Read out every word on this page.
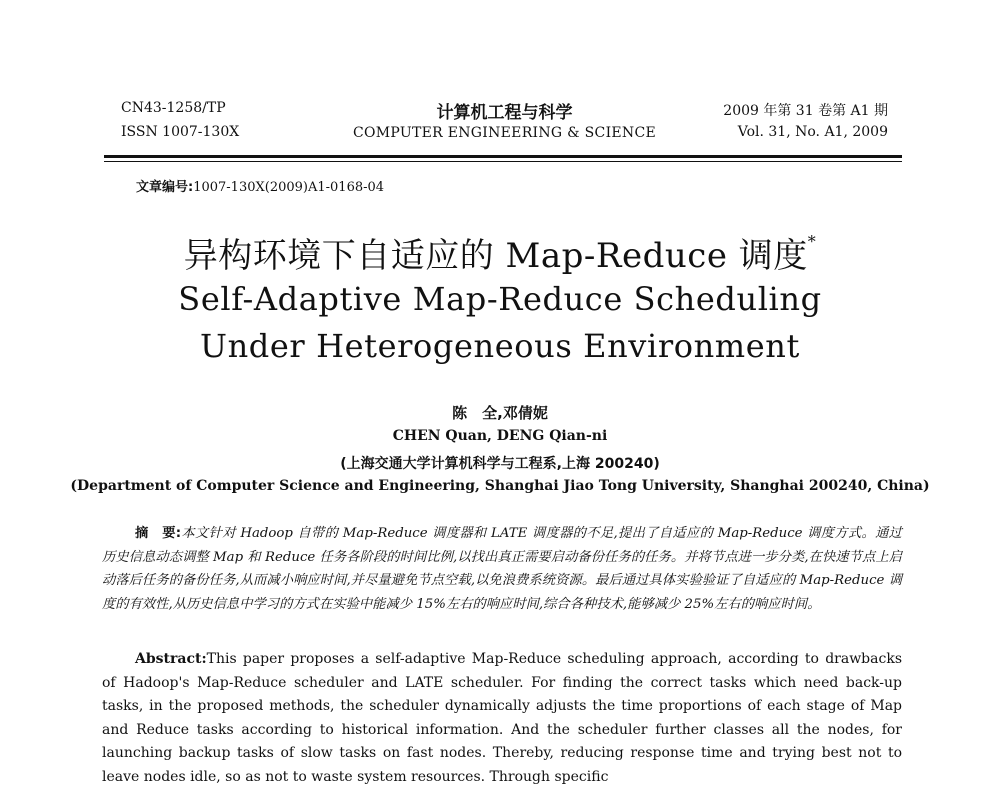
CN43-1258/TP
ISSN 1007-130X
计算机工程与科学
COMPUTER ENGINEERING & SCIENCE
2009 年第 31 卷第 A1 期
Vol. 31, No. A1, 2009
文章编号:1007-130X(2009)A1-0168-04
异构环境下自适应的 Map-Reduce 调度*
Self-Adaptive Map-Reduce Scheduling
Under Heterogeneous Environment
陈　全,邓倩妮
CHEN Quan, DENG Qian-ni
(上海交通大学计算机科学与工程系,上海 200240)
(Department of Computer Science and Engineering, Shanghai Jiao Tong University, Shanghai 200240, China)
摘　要:本文针对 Hadoop 自带的 Map-Reduce 调度器和 LATE 调度器的不足,提出了自适应的 Map-Reduce 调度方式。通过历史信息动态调整 Map 和 Reduce 任务各阶段的时间比例,以找出真正需要启动备份任务的任务。并将节点进一步分类,在快速节点上启动落后任务的备份任务,从而减小响应时间,并尽量避免节点空载,以免浪费系统资源。最后通过具体实验验证了自适应的 Map-Reduce 调度的有效性,从历史信息中学习的方式在实验中能减少 15%左右的响应时间,综合各种技术,能够减少 25%左右的响应时间。
Abstract:This paper proposes a self-adaptive Map-Reduce scheduling approach, according to drawbacks of Hadoop's Map-Reduce scheduler and LATE scheduler. For finding the correct tasks which need back-up tasks, in the proposed methods, the scheduler dynamically adjusts the time proportions of each stage of Map and Reduce tasks according to historical information. And the scheduler further classes all the nodes, for launching backup tasks of slow tasks on fast nodes. Thereby, reducing response time and trying best not to leave nodes idle, so as not to waste system resources. Through specific
